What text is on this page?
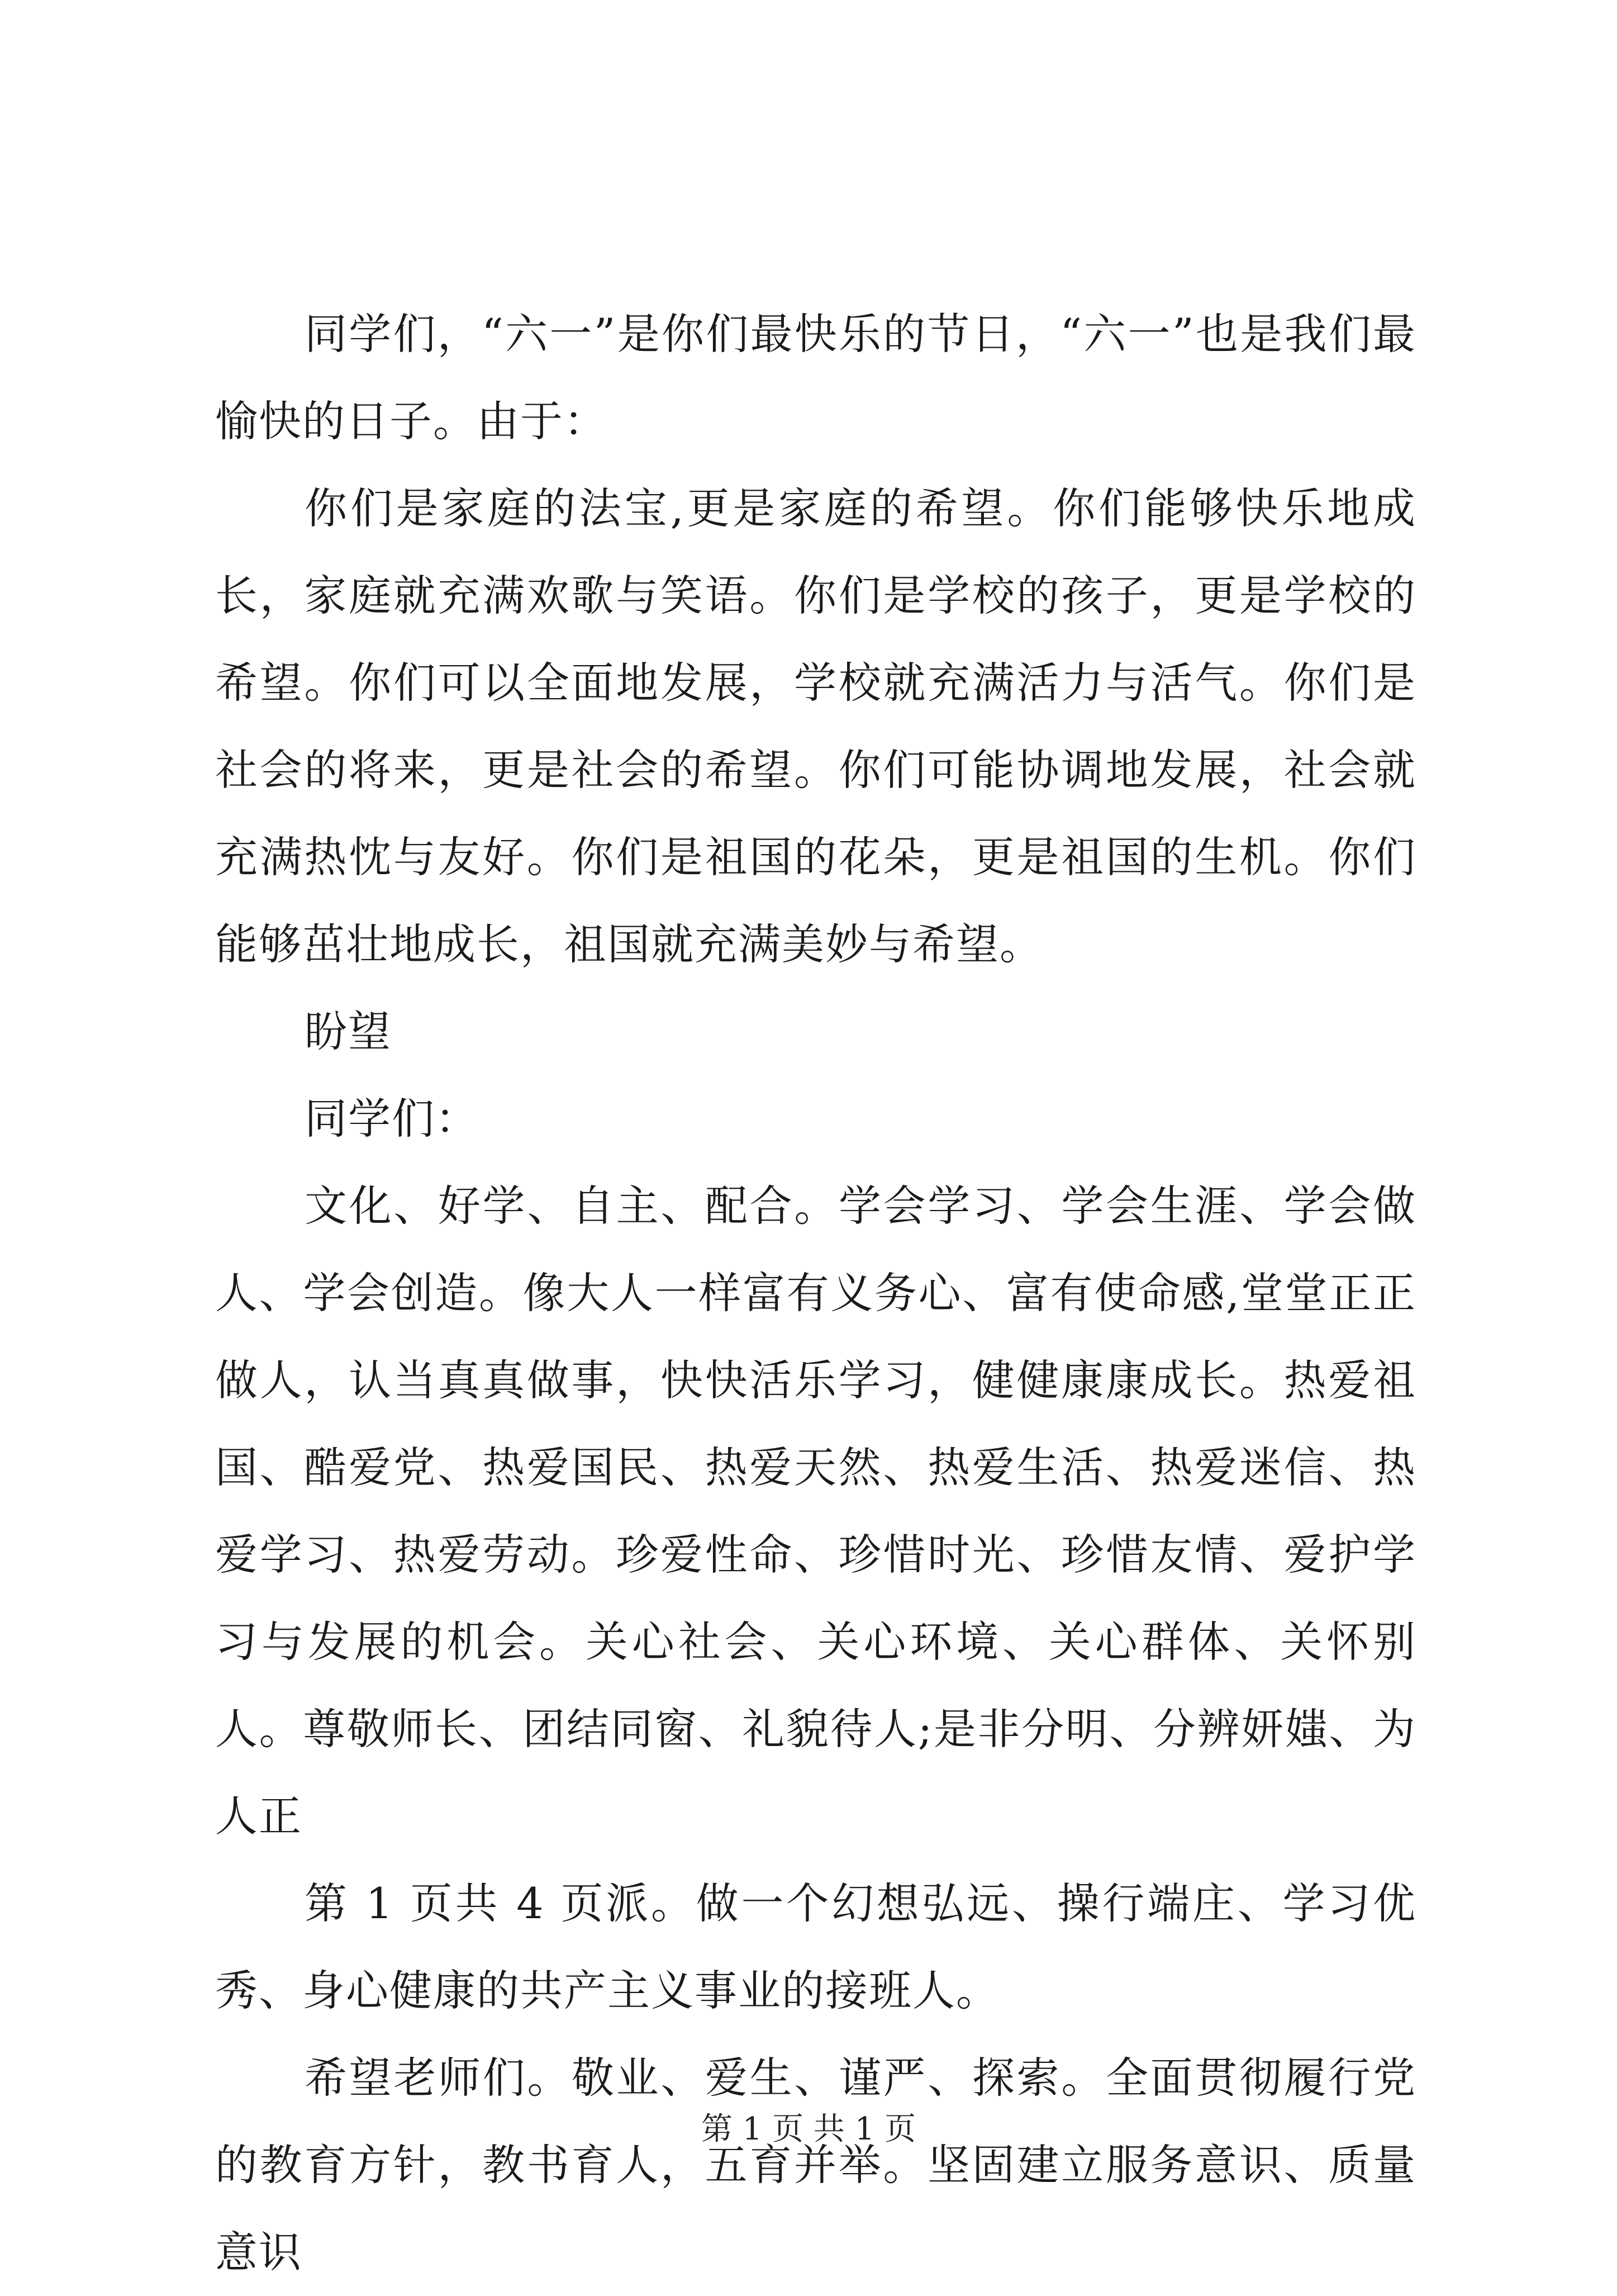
同学们，“六一”是你们最快乐的节日，“六一”也是我们最愉快的日子。由于：

你们是家庭的法宝,更是家庭的希望。你们能够快乐地成长，家庭就充满欢歌与笑语。你们是学校的孩子，更是学校的希望。你们可以全面地发展，学校就充满活力与活气。你们是社会的将来，更是社会的希望。你们可能协调地发展，社会就充满热忱与友好。你们是祖国的花朵，更是祖国的生机。你们能够茁壮地成长，祖国就充满美妙与希望。

盼望

同学们：

文化、好学、自主、配合。学会学习、学会生涯、学会做人、学会创造。像大人一样富有义务心、富有使命感,堂堂正正做人，认当真真做事，快快活乐学习，健健康康成长。热爱祖国、酷爱党、热爱国民、热爱天然、热爱生活、热爱迷信、热爱学习、热爱劳动。珍爱性命、珍惜时光、珍惜友情、爱护学习与发展的机会。关心社会、关心环境、关心群体、关怀别人。尊敬师长、团结同窗、礼貌待人;是非分明、分辨妍媸、为人正

第 1 页共 4 页派。做一个幻想弘远、操行端庄、学习优秀、身心健康的共产主义事业的接班人。

希望老师们。敬业、爱生、谨严、探索。全面贯彻履行党的教育方针，教书育人，五育并举。坚固建立服务意识、质量意识

第 1 页 共 1 页
